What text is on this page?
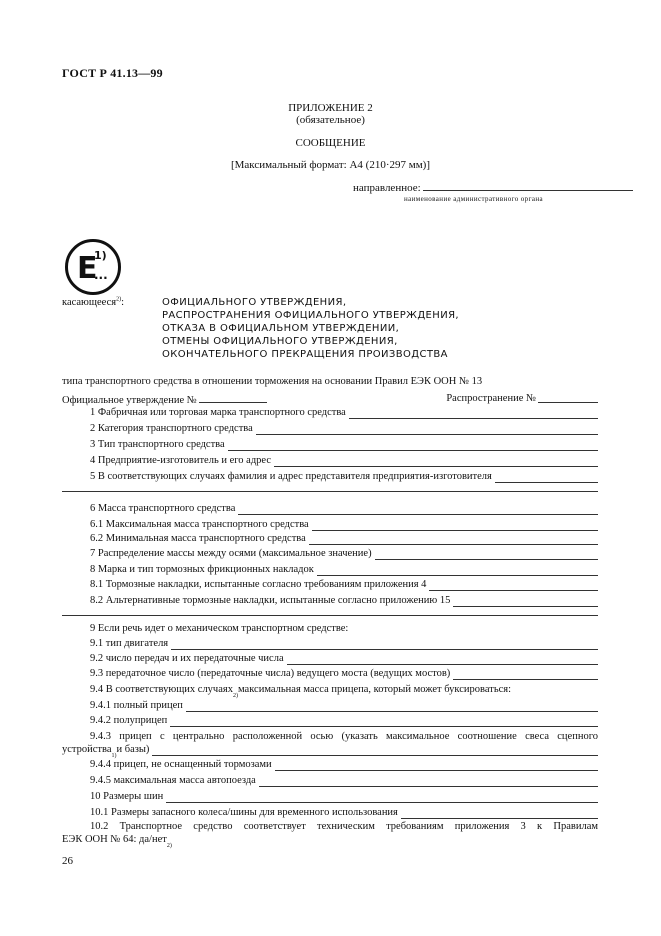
ГОСТ Р 41.13—99
ПРИЛОЖЕНИЕ 2
(обязательное)
СООБЩЕНИЕ
[Максимальный формат: А4 (210·297 мм)]
направленное:
наименование административного органа
E
1)
...
касающееся$^{2)}$:	ОФИЦИАЛЬНОГО УТВЕРЖДЕНИЯ,
РАСПРОСТРАНЕНИЯ ОФИЦИАЛЬНОГО УТВЕРЖДЕНИЯ,
ОТКАЗА В ОФИЦИАЛЬНОМ УТВЕРЖДЕНИИ,
ОТМЕНЫ ОФИЦИАЛЬНОГО УТВЕРЖДЕНИЯ,
ОКОНЧАТЕЛЬНОГО ПРЕКРАЩЕНИЯ ПРОИЗВОДСТВА
типа транспортного средства в отношении торможения на основании Правил ЕЭК ООН № 13
Официальное утверждение №	Распространение №
1 Фабричная или торговая марка транспортного средства
2 Категория транспортного средства
3 Тип транспортного средства
4 Предприятие-изготовитель и его адрес
5 В соответствующих случаях фамилия и адрес представителя предприятия-изготовителя
6 Масса транспортного средства
6.1 Максимальная масса транспортного средства
6.2 Минимальная масса транспортного средства
7 Распределение массы между осями (максимальное значение)
8 Марка и тип тормозных фрикционных накладок
8.1 Тормозные накладки, испытанные согласно требованиям приложения 4
8.2 Альтернативные тормозные накладки, испытанные согласно приложению 15
9 Если речь идет о механическом транспортном средстве:
9.1 тип двигателя
9.2 число передач и их передаточные числа
9.3 передаточное число (передаточные числа) ведущего моста (ведущих мостов)
9.4 В соответствующих случаях
2)
максимальная масса прицепа, который может буксироваться:
9.4.1 полный прицеп
9.4.2 полуприцеп
9.4.3 прицеп с центрально расположенной осью (указать максимальное соотношение свеса сцепного
устройства
1)
и базы)
9.4.4 прицеп, не оснащенный тормозами
9.4.5 максимальная масса автопоезда
10 Размеры шин
10.1 Размеры запасного колеса/шины для временного использования
10.2 Транспортное средство соответствует техническим требованиям приложения 3 к Правилам
ЕЭК ООН № 64: да/нет
2)
26
